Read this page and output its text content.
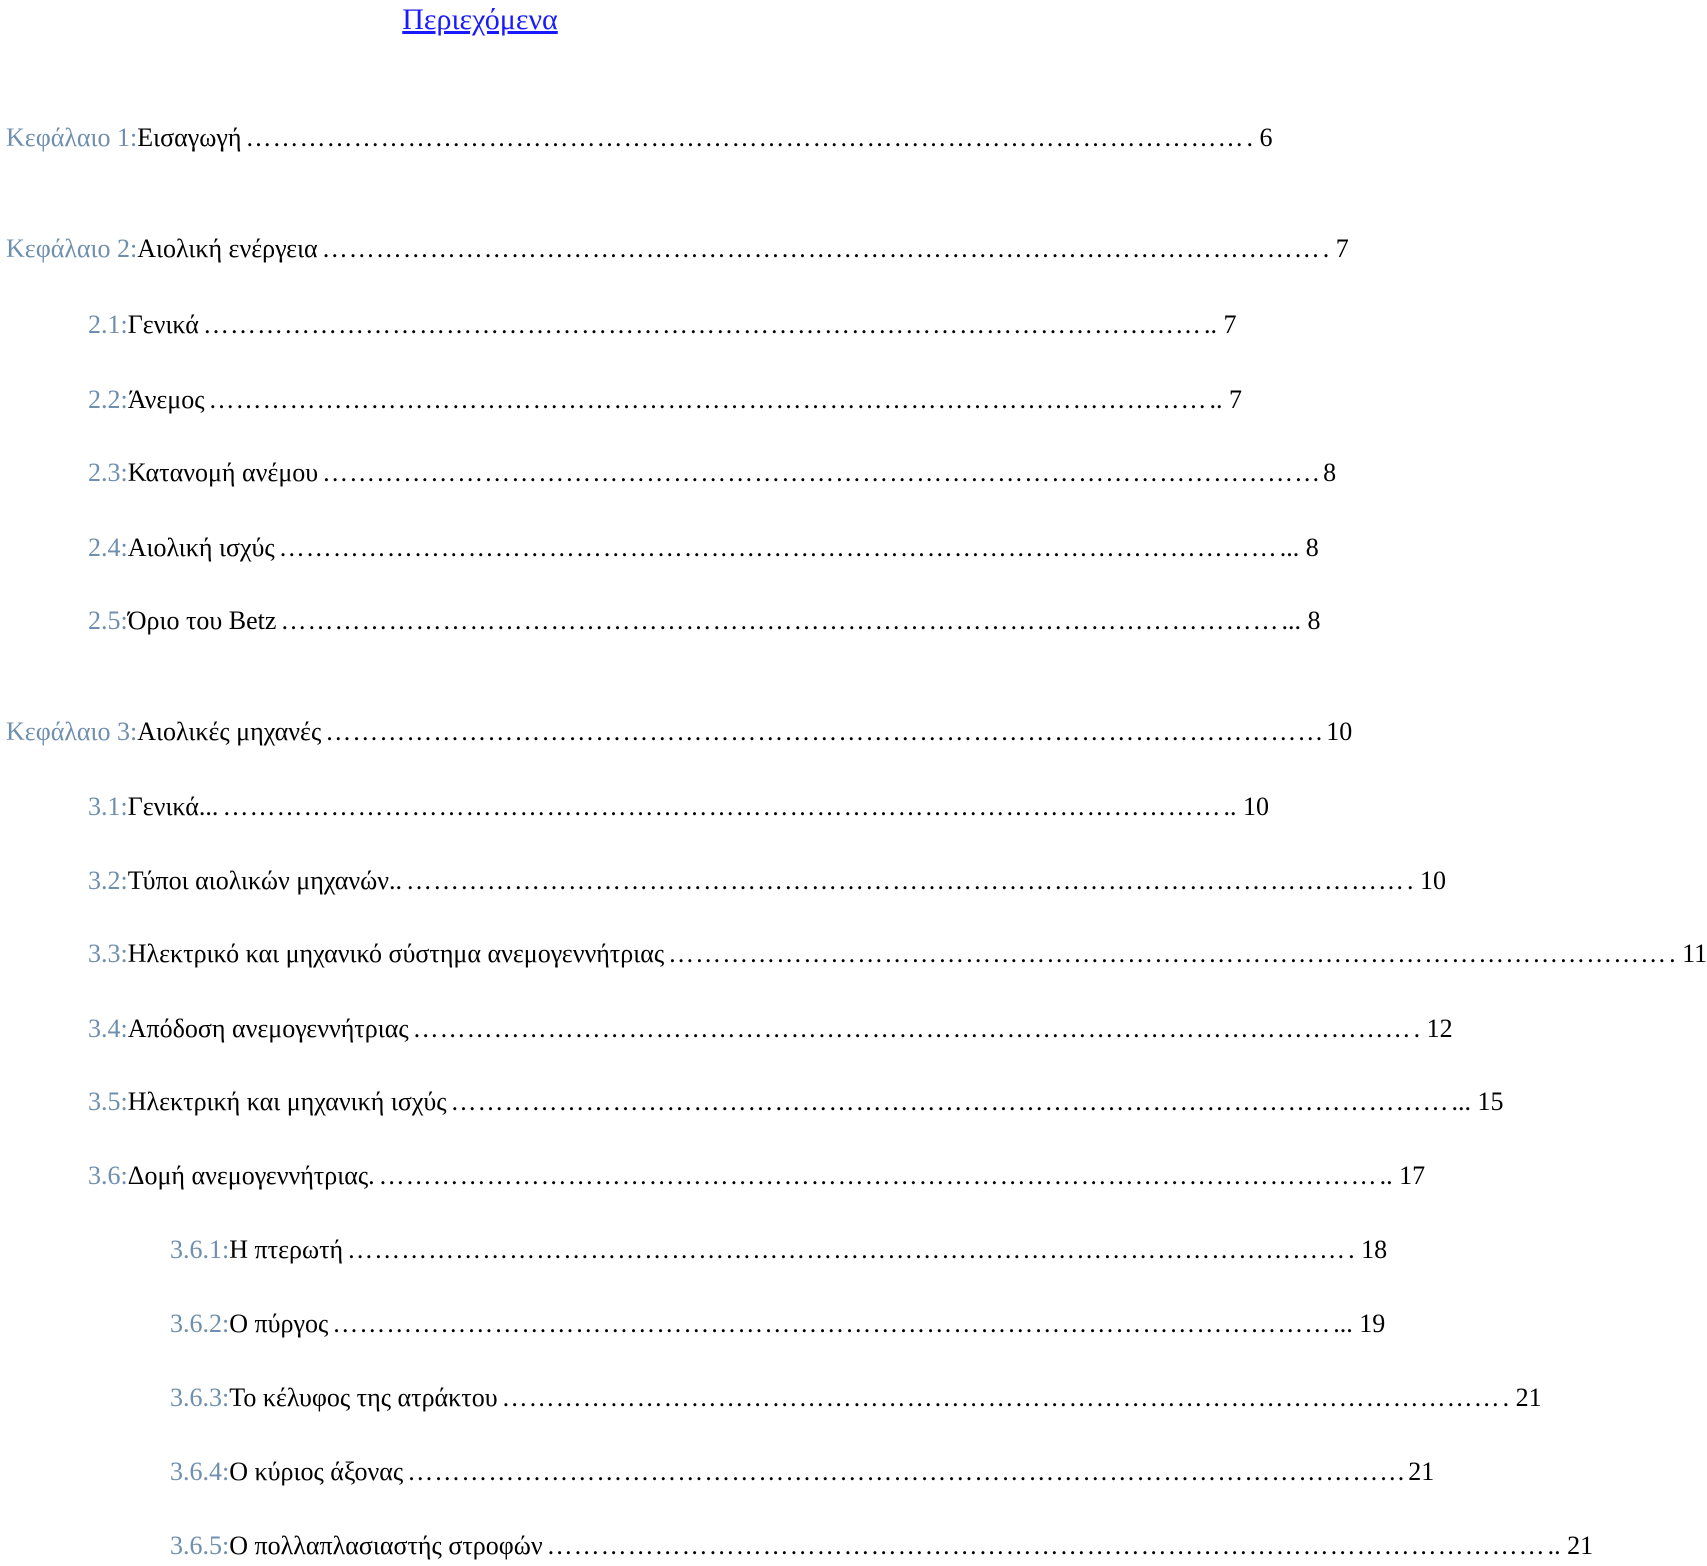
Περιεχόμενα
Κεφάλαιο 1: Εισαγωγή ………………………………………………………………………………………………… . 6
Κεφάλαιο 2: Αιολική ενέργεια ………………………………………………………………………………………………… . 7
2.1: Γενικά ………………………………………………………………………………………………… .. 7
2.2: Άνεμος ………………………………………………………………………………………………… .. 7
2.3: Κατανομή ανέμου ………………………………………………………………………………………………… 8
2.4: Αιολική ισχύς ………………………………………………………………………………………………… ... 8
2.5: Όριο του Betz ………………………………………………………………………………………………… ... 8
Κεφάλαιο 3: Αιολικές μηχανές ………………………………………………………………………………………………… 10
3.1: Γενικά... ………………………………………………………………………………………………… .. 10
3.2: Τύποι αιολικών μηχανών.. ………………………………………………………………………………………………… . 10
3.3: Ηλεκτρικό και μηχανικό σύστημα ανεμογεννήτριας ………………………………………………………………………………………………… . 11
3.4: Απόδοση ανεμογεννήτριας ………………………………………………………………………………………………… . 12
3.5: Ηλεκτρική και μηχανική ισχύς ………………………………………………………………………………………………… ... 15
3.6: Δομή ανεμογεννήτριας. ………………………………………………………………………………………………… .. 17
3.6.1: Η πτερωτή ………………………………………………………………………………………………… . 18
3.6.2: Ο πύργος ………………………………………………………………………………………………… ... 19
3.6.3: Το κέλυφος της ατράκτου ………………………………………………………………………………………………… . 21
3.6.4: Ο κύριος άξονας ………………………………………………………………………………………………… 21
3.6.5: Ο πολλαπλασιαστής στροφών ………………………………………………………………………………………………… .. 21
